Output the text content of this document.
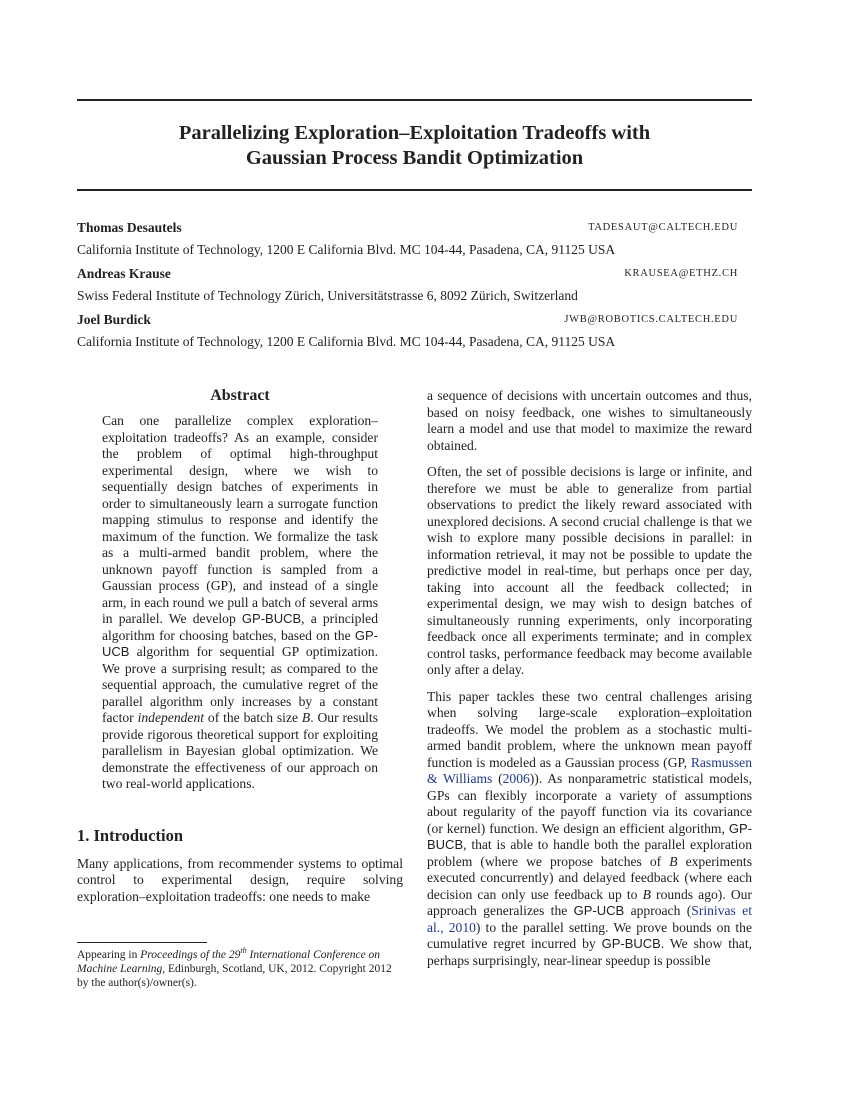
Parallelizing Exploration–Exploitation Tradeoffs with
Gaussian Process Bandit Optimization
Thomas Desautels	TADESAUT@CALTECH.EDU
California Institute of Technology, 1200 E California Blvd. MC 104-44, Pasadena, CA, 91125 USA
Andreas Krause	KRAUSEA@ETHZ.CH
Swiss Federal Institute of Technology Zürich, Universitätstrasse 6, 8092 Zürich, Switzerland
Joel Burdick	JWB@ROBOTICS.CALTECH.EDU
California Institute of Technology, 1200 E California Blvd. MC 104-44, Pasadena, CA, 91125 USA
Abstract
Can one parallelize complex exploration–exploitation tradeoffs? As an example, consider the problem of optimal high-throughput experimental design, where we wish to sequentially design batches of experiments in order to simultaneously learn a surrogate function mapping stimulus to response and identify the maximum of the function. We formalize the task as a multi-armed bandit problem, where the unknown payoff function is sampled from a Gaussian process (GP), and instead of a single arm, in each round we pull a batch of several arms in parallel. We develop GP-BUCB, a principled algorithm for choosing batches, based on the GP-UCB algorithm for sequential GP optimization. We prove a surprising result; as compared to the sequential approach, the cumulative regret of the parallel algorithm only increases by a constant factor independent of the batch size B. Our results provide rigorous theoretical support for exploiting parallelism in Bayesian global optimization. We demonstrate the effectiveness of our approach on two real-world applications.
1. Introduction

Many applications, from recommender systems to optimal control to experimental design, require solving exploration–exploitation tradeoffs: one needs to make

Appearing in Proceedings of the 29th International Conference on Machine Learning, Edinburgh, Scotland, UK, 2012. Copyright 2012 by the author(s)/owner(s).

a sequence of decisions with uncertain outcomes and thus, based on noisy feedback, one wishes to simultaneously learn a model and use that model to maximize the reward obtained.

Often, the set of possible decisions is large or infinite, and therefore we must be able to generalize from partial observations to predict the likely reward associated with unexplored decisions. A second crucial challenge is that we wish to explore many possible decisions in parallel: in information retrieval, it may not be possible to update the predictive model in real-time, but perhaps once per day, taking into account all the feedback collected; in experimental design, we may wish to design batches of simultaneously running experiments, only incorporating feedback once all experiments terminate; and in complex control tasks, performance feedback may become available only after a delay.

This paper tackles these two central challenges arising when solving large-scale exploration–exploitation tradeoffs. We model the problem as a stochastic multi-armed bandit problem, where the unknown mean payoff function is modeled as a Gaussian process (GP, Rasmussen & Williams (2006)). As nonparametric statistical models, GPs can flexibly incorporate a variety of assumptions about regularity of the payoff function via its covariance (or kernel) function. We design an efficient algorithm, GP-BUCB, that is able to handle both the parallel exploration problem (where we propose batches of B experiments executed concurrently) and delayed feedback (where each decision can only use feedback up to B rounds ago). Our approach generalizes the GP-UCB approach (Srinivas et al., 2010) to the parallel setting. We prove bounds on the cumulative regret incurred by GP-BUCB. We show that, perhaps surprisingly, near-linear speedup is possible
